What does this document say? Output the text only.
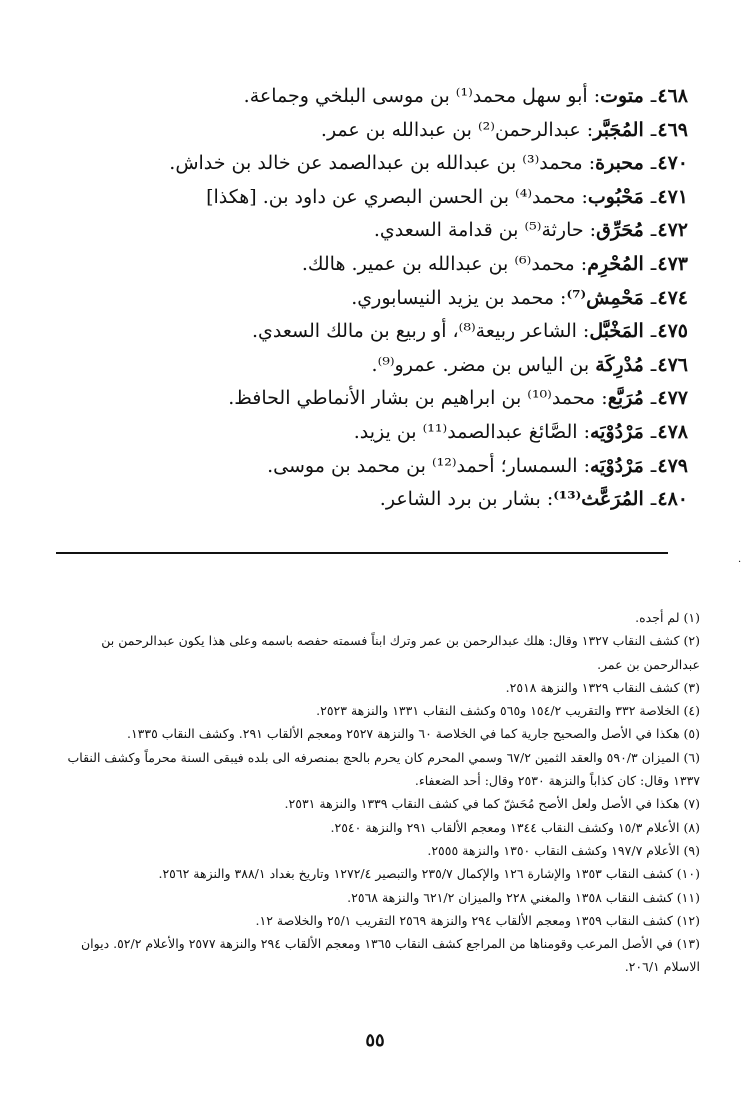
٤٦٨ـ متوت: أبو سهل محمد⁽¹⁾ بن موسى البلخي وجماعة.
٤٦٩ـ المُجَبَّر: عبدالرحمن⁽²⁾ بن عبدالله بن عمر.
٤٧٠ـ محبرة: محمد⁽³⁾ بن عبدالله بن عبدالصمد عن خالد بن خداش.
٤٧١ـ مَحْبُوب: محمد⁽⁴⁾ بن الحسن البصري عن داود بن. [هكذا]
٤٧٢ـ مُحَرِّق: حارثة⁽⁵⁾ بن قدامة السعدي.
٤٧٣ـ المُحْرِم: محمد⁽⁶⁾ بن عبدالله بن عمير. هالك.
٤٧٤ـ مَحْمِش⁽⁷⁾: محمد بن يزيد النيسابوري.
٤٧٥ـ المَخْبَّل: الشاعر ربيعة⁽⁸⁾، أو ربيع بن مالك السعدي.
٤٧٦ـ مُدْرِكَة بن الياس بن مضر. عمرو⁽⁹⁾.
٤٧٧ـ مُرَبَّع: محمد⁽¹⁰⁾ بن ابراهيم بن بشار الأنماطي الحافظ.
٤٧٨ـ مَرْدُوْيَه: الصَّائغ عبدالصمد⁽¹¹⁾ بن يزيد.
٤٧٩ـ مَرْدُوْيَه: السمسار؛ أحمد⁽¹²⁾ بن محمد بن موسى.
٤٨٠ـ المُرَعَّث⁽¹³⁾: بشار بن برد الشاعر.
·
(١) لم أجده.
(٢) كشف النقاب ١٣٢٧ وقال: هلك عبدالرحمن بن عمر وترك ابناً فسمته حفصه باسمه وعلى هذا يكون عبدالرحمن بن عبدالرحمن بن عمر.
(٣) كشف النقاب ١٣٢٩ والنزهة ٢٥١٨.
(٤) الخلاصة ٣٣٢ والتقريب ١٥٤/٢ و٥٦٥ وكشف النقاب ١٣٣١ والنزهة ٢٥٢٣.
(٥) هكذا في الأصل والصحيح جارية كما في الخلاصة ٦٠ والنزهة ٢٥٢٧ ومعجم الألقاب ٢٩١. وكشف النقاب ١٣٣٥.
(٦) الميزان ٥٩٠/٣ والعقد الثمين ٦٧/٢ وسمي المحرم كان يحرم بالحج بمنصرفه الى بلده فيبقى السنة محرماً وكشف النقاب ١٣٣٧ وقال: كان كذاباً والنزهة ٢٥٣٠ وقال: أحد الضعفاء.
(٧) هكذا في الأصل ولعل الأصح مُحَشّ كما في كشف النقاب ١٣٣٩ والنزهة ٢٥٣١.
(٨) الأعلام ١٥/٣ وكشف النقاب ١٣٤٤ ومعجم الألقاب ٢٩١ والنزهة ٢٥٤٠.
(٩) الأعلام ١٩٧/٧ وكشف النقاب ١٣٥٠ والنزهة ٢٥٥٥.
(١٠) كشف النقاب ١٣٥٣ والإشارة ١٢٦ والإكمال ٢٣٥/٧ والتبصير ١٢٧٢/٤ وتاريخ بغداد ٣٨٨/١ والنزهة ٢٥٦٢.
(١١) كشف النقاب ١٣٥٨ والمغني ٢٢٨ والميزان ٦٢١/٢ والنزهة ٢٥٦٨.
(١٢) كشف النقاب ١٣٥٩ ومعجم الألقاب ٢٩٤ والنزهة ٢٥٦٩ التقريب ٢٥/١ والخلاصة ١٢.
(١٣) في الأصل المرعب وقومناها من المراجع كشف النقاب ١٣٦٥ ومعجم الألقاب ٢٩٤ والنزهة ٢٥٧٧ والأعلام ٥٢/٢. ديوان الاسلام ٢٠٦/١.
٥٥
